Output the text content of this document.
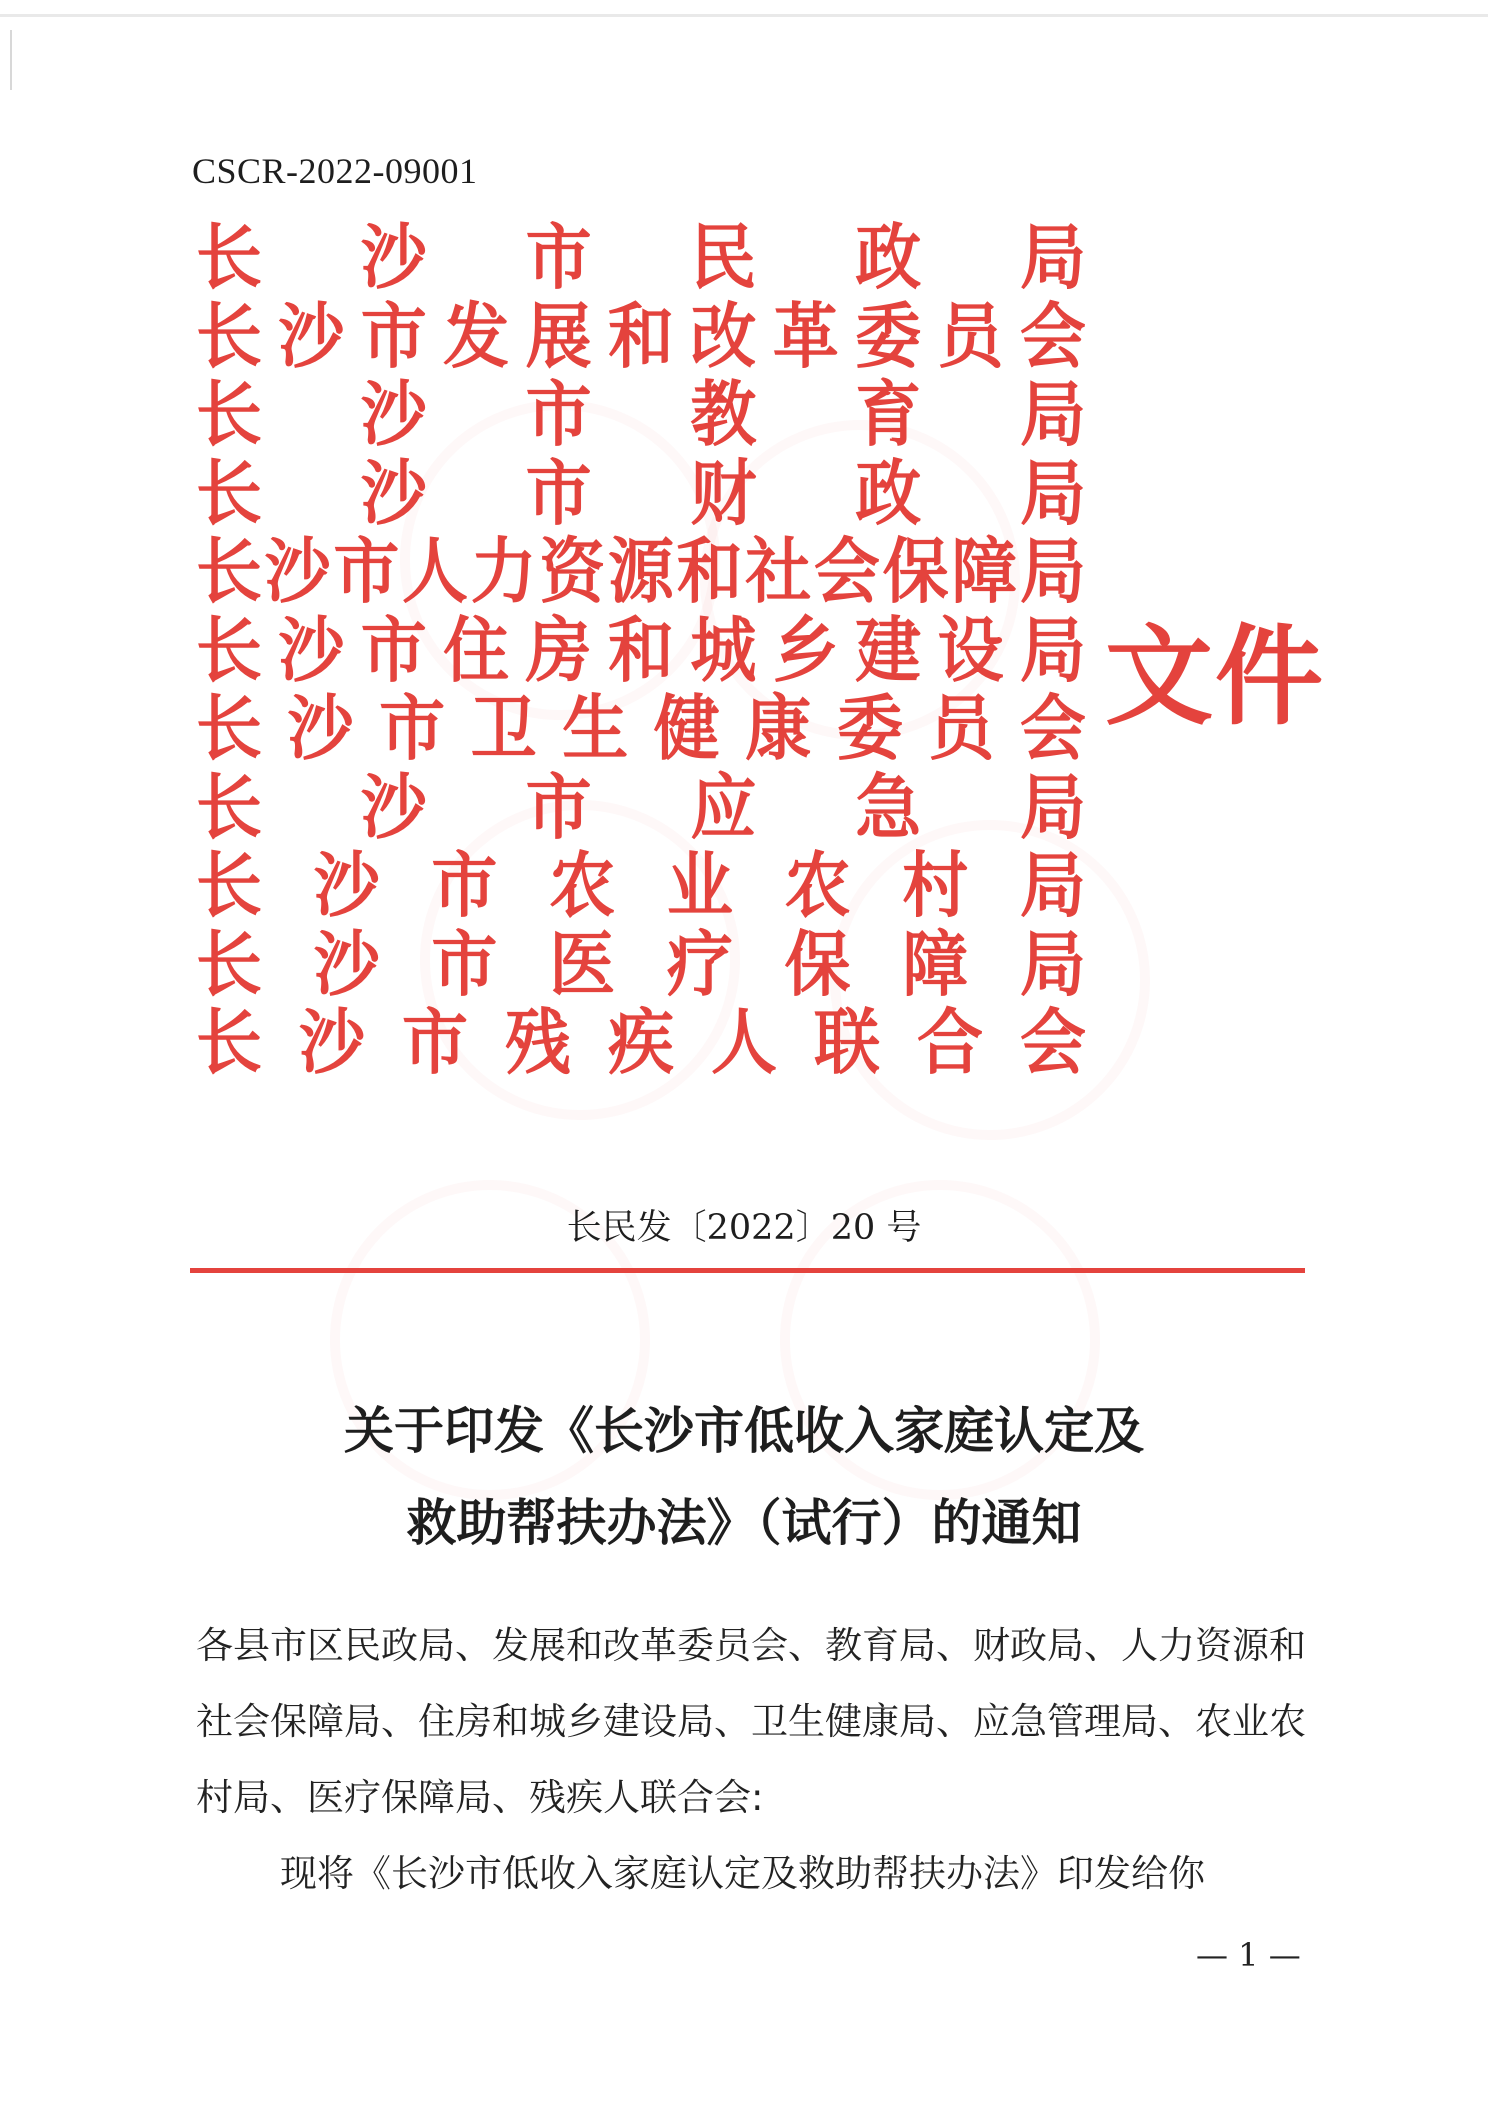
CSCR-2022-09001
长 沙 市 民 政 局
长 沙 市 发 展 和 改 革 委 员 会
长 沙 市 教 育 局
长 沙 市 财 政 局
长 沙 市 人 力 资 源 和 社 会 保 障 局
长 沙 市 住 房 和 城 乡 建 设 局
长 沙 市 卫 生 健 康 委 员 会
长 沙 市 应 急 局
长 沙 市 农 业 农 村 局
长 沙 市 医 疗 保 障 局
长 沙 市 残 疾 人 联 合 会
文件
长民发〔2022〕20 号
关于印发《长沙市低收入家庭认定及
救助帮扶办法》（试行）的通知

各县市区民政局、发展和改革委员会、教育局、财政局、人力资源和社会保障局、住房和城乡建设局、卫生健康局、应急管理局、农业农村局、医疗保障局、残疾人联合会:

现将《长沙市低收入家庭认定及救助帮扶办法》印发给你

— 1 —
